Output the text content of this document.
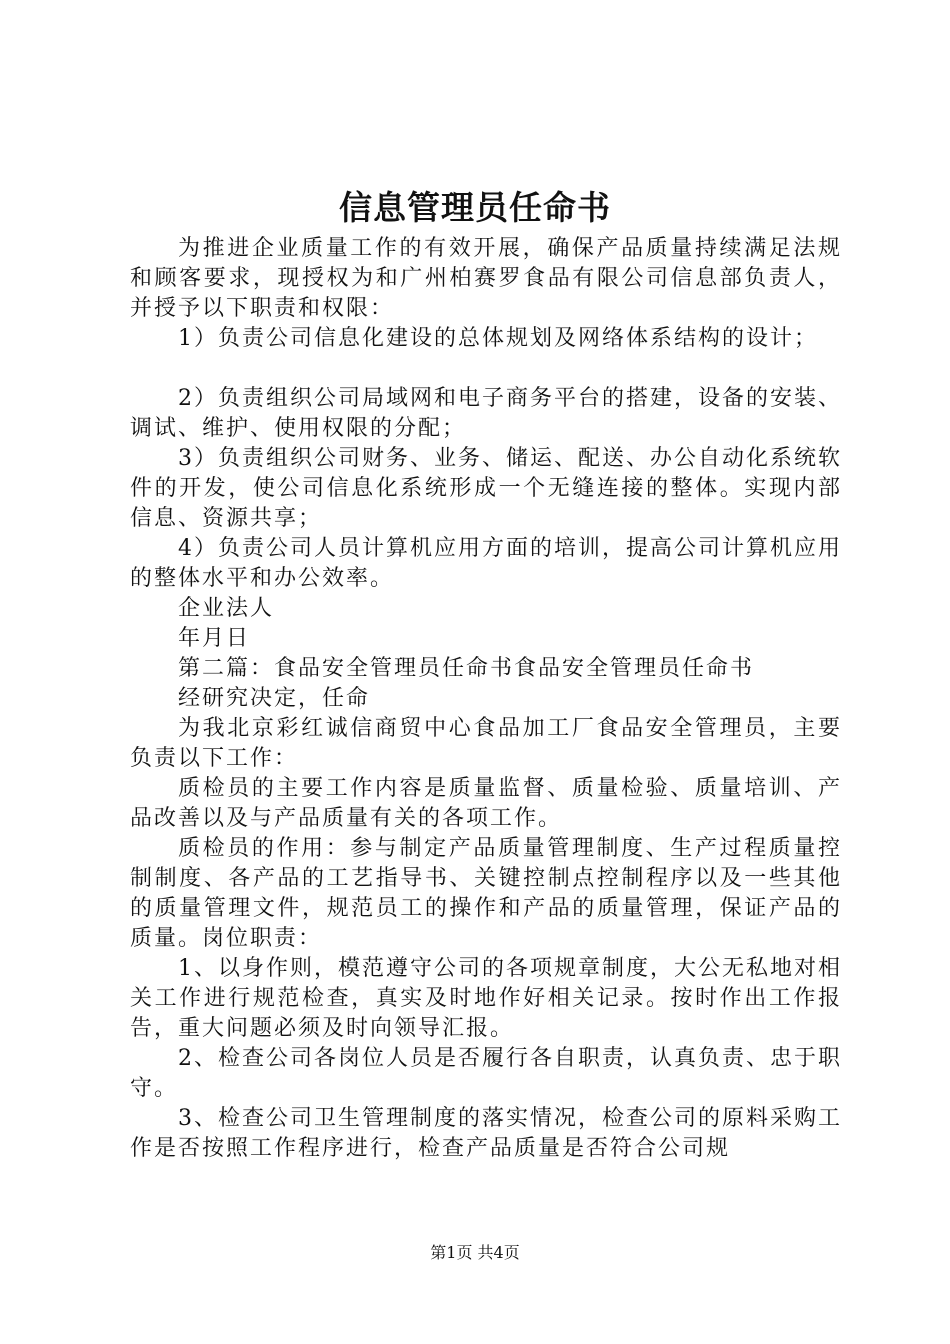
信息管理员任命书

为推进企业质量工作的有效开展，确保产品质量持续满足法规和顾客要求，现授权为和广州柏赛罗食品有限公司信息部负责人，并授予以下职责和权限：

1）负责公司信息化建设的总体规划及网络体系结构的设计；

2）负责组织公司局域网和电子商务平台的搭建，设备的安装、调试、维护、使用权限的分配；

3）负责组织公司财务、业务、储运、配送、办公自动化系统软件的开发，使公司信息化系统形成一个无缝连接的整体。实现内部信息、资源共享；

4）负责公司人员计算机应用方面的培训，提高公司计算机应用的整体水平和办公效率。

企业法人

年月日

第二篇：食品安全管理员任命书食品安全管理员任命书

经研究决定，任命

为我北京彩红诚信商贸中心食品加工厂食品安全管理员，主要负责以下工作：

质检员的主要工作内容是质量监督、质量检验、质量培训、产品改善以及与产品质量有关的各项工作。

质检员的作用：参与制定产品质量管理制度、生产过程质量控制制度、各产品的工艺指导书、关键控制点控制程序以及一些其他的质量管理文件，规范员工的操作和产品的质量管理，保证产品的质量。岗位职责：

1、以身作则，模范遵守公司的各项规章制度，大公无私地对相关工作进行规范检查，真实及时地作好相关记录。按时作出工作报告，重大问题必须及时向领导汇报。

2、检查公司各岗位人员是否履行各自职责，认真负责、忠于职守。

3、检查公司卫生管理制度的落实情况，检查公司的原料采购工作是否按照工作程序进行，检查产品质量是否符合公司规

第1页 共4页
